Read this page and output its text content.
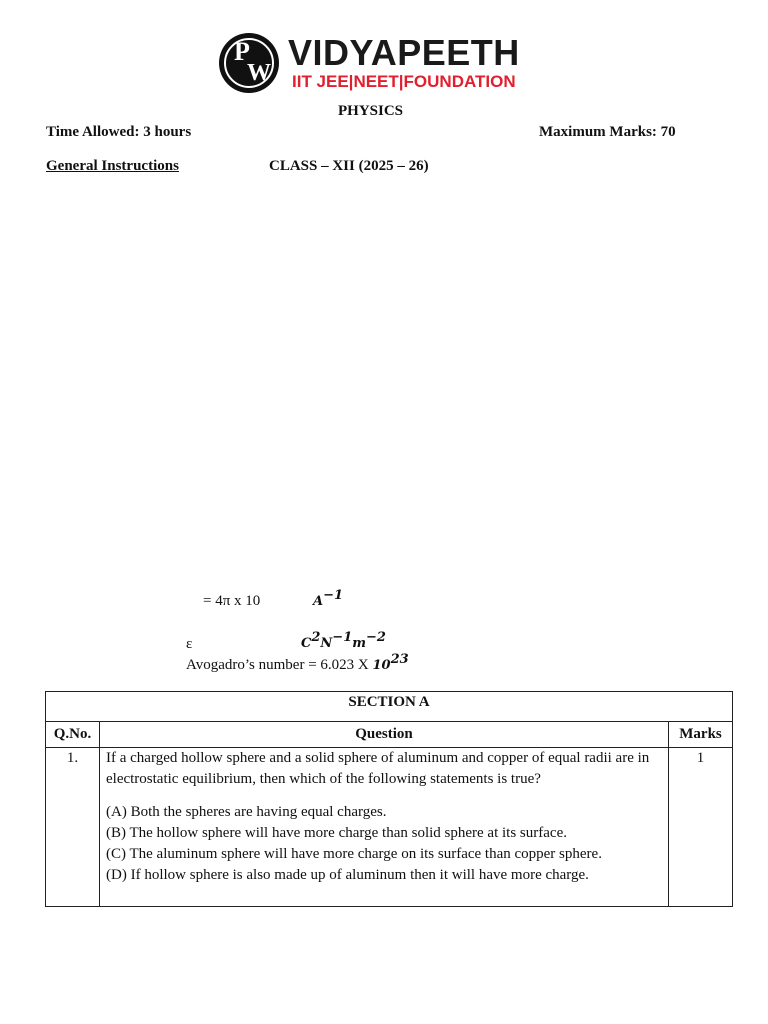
P
W VIDYAPEETH
IIT JEE|NEET|FOUNDATION
PHYSICS
Time Allowed: 3 hours	Maximum Marks: 70
General Instructions	CLASS – XII (2025 – 26)
= 4π x 10	$A^{-1}$
ε	$C^2N^{-1}m^{-2}$
Avogadro’s number = 6.023 X $10^{23}$
SECTION A		
Q.No.	Question	Marks
1.	If a charged hollow sphere and a solid sphere of aluminum and copper of equal radii are in electrostatic equilibrium, then which of the following statements is true?

(A) Both the spheres are having equal charges.

(B) The hollow sphere will have more charge than solid sphere at its surface.

(C) The aluminum sphere will have more charge on its surface than copper sphere.

(D) If hollow sphere is also made up of aluminum then it will have more charge.	1
